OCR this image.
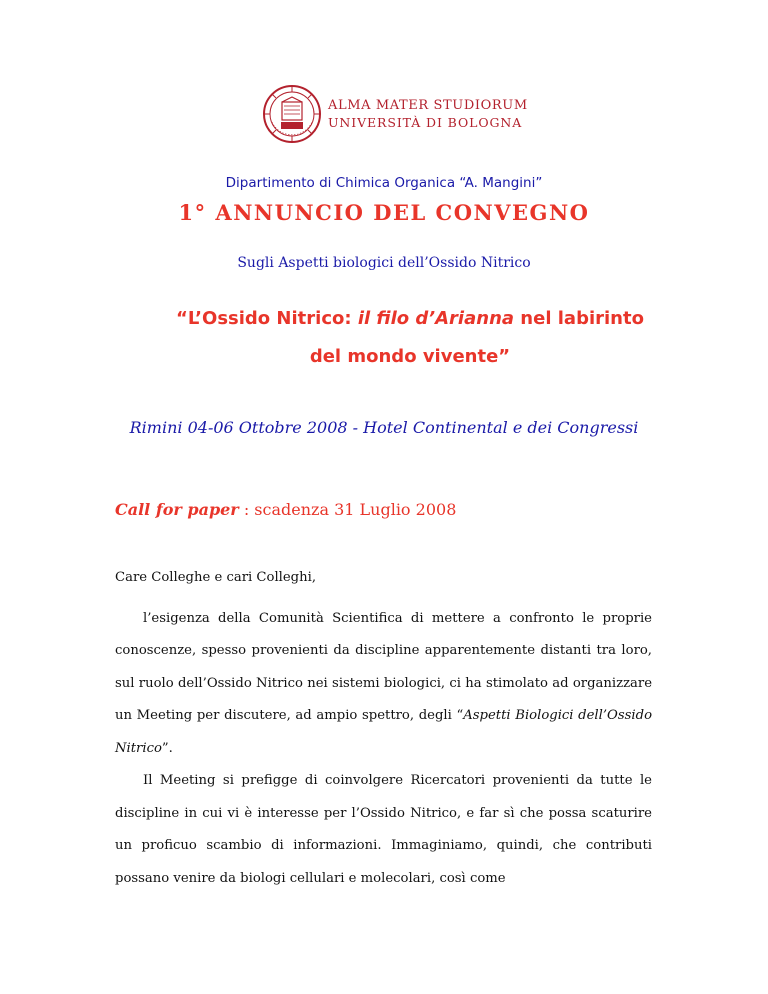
ALMA MATER STUDIORUM
UNIVERSITÀ DI BOLOGNA
Dipartimento di Chimica Organica “A. Mangini”
1° ANNUNCIO DEL CONVEGNO
Sugli Aspetti biologici dell’Ossido Nitrico
“L’Ossido Nitrico: il filo d’Arianna nel labirinto del mondo vivente”
Rimini 04-06 Ottobre 2008 - Hotel Continental e dei Congressi
Call for paper : scadenza 31 Luglio 2008

Care Colleghe e cari Colleghi,

l’esigenza della Comunità Scientifica di mettere a confronto le proprie conoscenze, spesso provenienti da discipline apparentemente distanti tra loro, sul ruolo dell’Ossido Nitrico nei sistemi biologici, ci ha stimolato ad organizzare un Meeting per discutere, ad ampio spettro, degli “Aspetti Biologici dell’Ossido Nitrico”.

Il Meeting si prefigge di coinvolgere Ricercatori provenienti da tutte le discipline in cui vi è interesse per l’Ossido Nitrico, e far sì che possa scaturire un proficuo scambio di informazioni. Immaginiamo, quindi, che contributi possano venire da biologi cellulari e molecolari, così come
